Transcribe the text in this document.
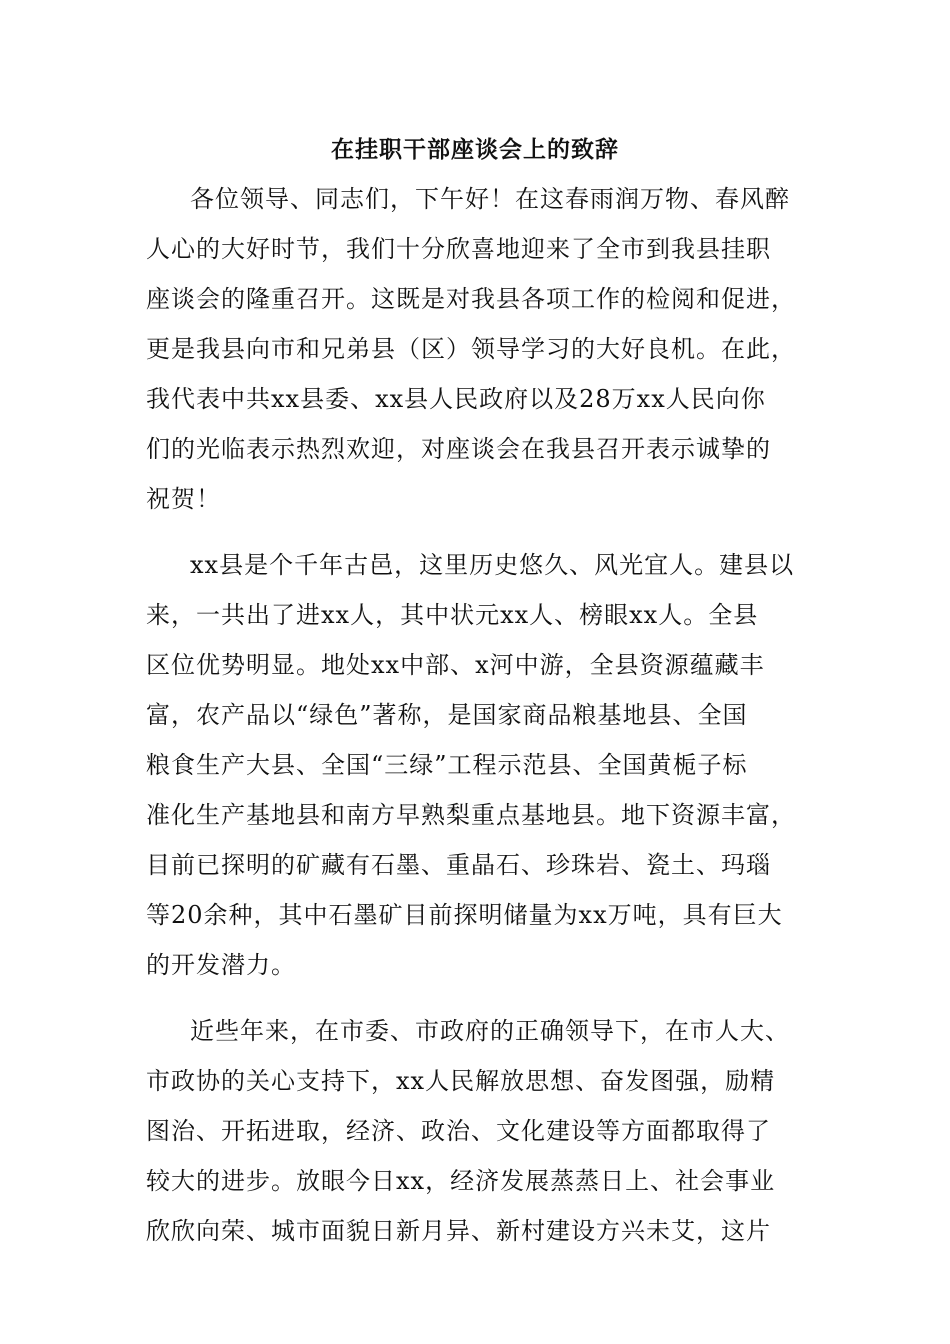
在挂职干部座谈会上的致辞
各位领导、同志们，下午好！在这春雨润万物、春风醉
人心的大好时节，我们十分欣喜地迎来了全市到我县挂职
座谈会的隆重召开。这既是对我县各项工作的检阅和促进，
更是我县向市和兄弟县（区）领导学习的大好良机。在此，
我代表中共xx县委、xx县人民政府以及28万xx人民向你
们的光临表示热烈欢迎，对座谈会在我县召开表示诚挚的
祝贺！
xx县是个千年古邑，这里历史悠久、风光宜人。建县以
来，一共出了进xx人，其中状元xx人、榜眼xx人。全县
区位优势明显。地处xx中部、x河中游，全县资源蕴藏丰
富，农产品以“绿色”著称，是国家商品粮基地县、全国
粮食生产大县、全国“三绿”工程示范县、全国黄栀子标
准化生产基地县和南方早熟梨重点基地县。地下资源丰富，
目前已探明的矿藏有石墨、重晶石、珍珠岩、瓷土、玛瑙
等20余种，其中石墨矿目前探明储量为xx万吨，具有巨大
的开发潜力。
近些年来，在市委、市政府的正确领导下，在市人大、
市政协的关心支持下，xx人民解放思想、奋发图强，励精
图治、开拓进取，经济、政治、文化建设等方面都取得了
较大的进步。放眼今日xx，经济发展蒸蒸日上、社会事业
欣欣向荣、城市面貌日新月异、新村建设方兴未艾，这片
